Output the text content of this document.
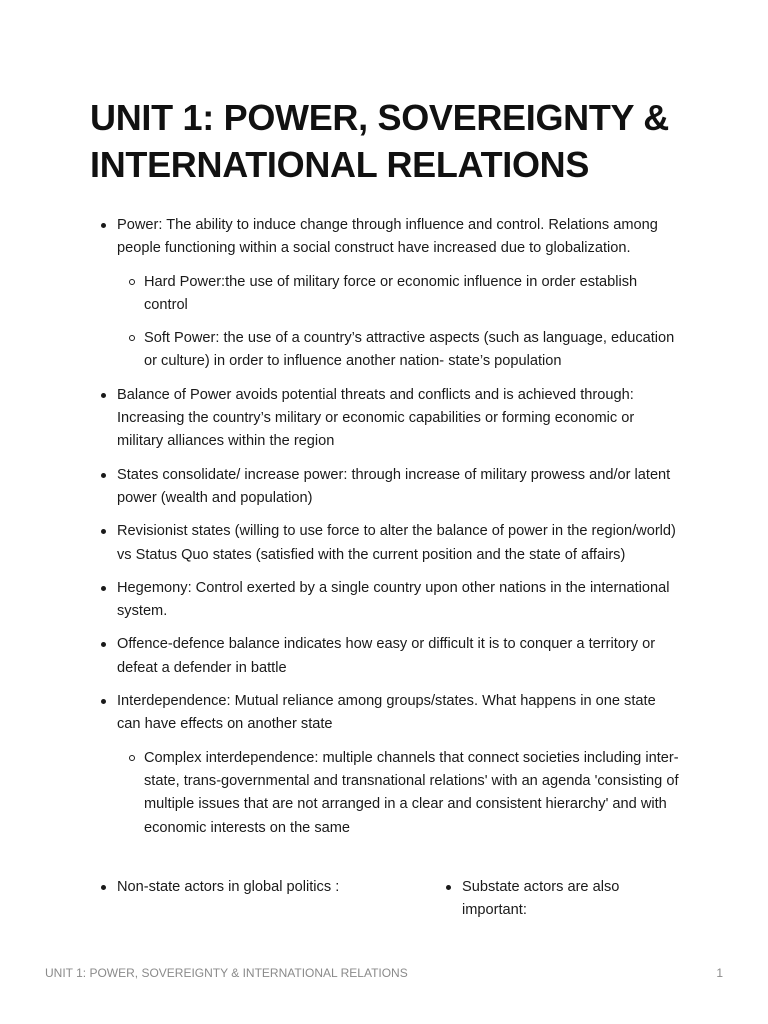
UNIT 1: POWER, SOVEREIGNTY & INTERNATIONAL RELATIONS
Power: The ability to induce change through influence and control. Relations among people functioning within a social construct have increased due to globalization.
Hard Power:the use of military force or economic influence in order establish control
Soft Power: the use of a country’s attractive aspects (such as language, education or culture) in order to influence another nation- state’s population
Balance of Power avoids potential threats and conflicts and is achieved through: Increasing the country’s military or economic capabilities or forming economic or military alliances within the region
States consolidate/ increase power: through increase of military prowess and/or latent power (wealth and population)
Revisionist states (willing to use force to alter the balance of power in the region/world) vs Status Quo states (satisfied with the current position and the state of affairs)
Hegemony: Control exerted by a single country upon other nations in the international system.
Offence-defence balance indicates how easy or difficult it is to conquer a territory or defeat a defender in battle
Interdependence: Mutual reliance among groups/states. What happens in one state can have effects on another state
Complex interdependence: multiple channels that connect societies including inter-state, trans-governmental and transnational relations' with an agenda 'consisting of multiple issues that are not arranged in a clear and consistent hierarchy' and with economic interests on the same
Non-state actors in global politics :	Substate actors are also important:
UNIT 1: POWER, SOVEREIGNTY & INTERNATIONAL RELATIONS	1
